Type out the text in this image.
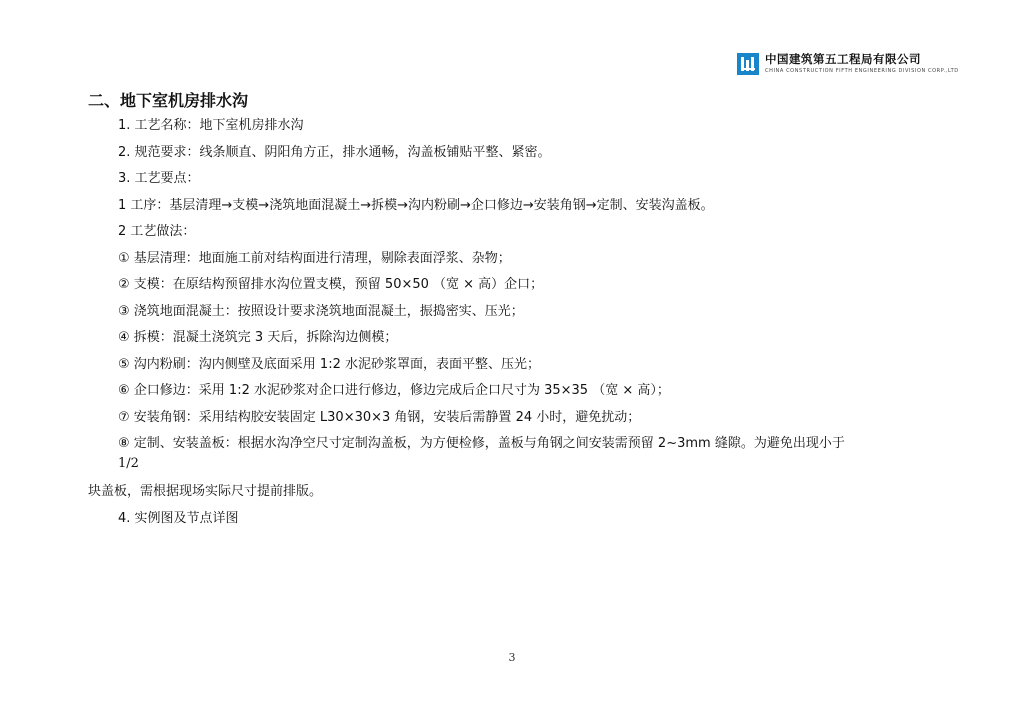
中国建筑第五工程局有限公司
CHINA CONSTRUCTION FIFTH ENGINEERING DIVISION CORP.,LTD
二、地下室机房排水沟
1. 工艺名称：地下室机房排水沟
2. 规范要求：线条顺直、阴阳角方正，排水通畅，沟盖板铺贴平整、紧密。
3. 工艺要点：
1 工序：基层清理→支模→浇筑地面混凝土→拆模→沟内粉刷→企口修边→安装角钢→定制、安装沟盖板。
2 工艺做法：
① 基层清理：地面施工前对结构面进行清理，剔除表面浮浆、杂物；
② 支模：在原结构预留排水沟位置支模，预留 50×50 （宽 × 高）企口；
③ 浇筑地面混凝土：按照设计要求浇筑地面混凝土，振捣密实、压光；
④ 拆模：混凝土浇筑完 3 天后，拆除沟边侧模；
⑤ 沟内粉刷：沟内侧壁及底面采用 1:2 水泥砂浆罩面，表面平整、压光；
⑥ 企口修边：采用 1:2 水泥砂浆对企口进行修边，修边完成后企口尺寸为 35×35 （宽 × 高）；
⑦ 安装角钢：采用结构胶安装固定 L30×30×3 角钢，安装后需静置 24 小时，避免扰动；
⑧ 定制、安装盖板：根据水沟净空尺寸定制沟盖板，为方便检修，盖板与角钢之间安装需预留 2~3mm 缝隙。为避免出现小于
1/2
块盖板，需根据现场实际尺寸提前排版。
4. 实例图及节点详图
3
